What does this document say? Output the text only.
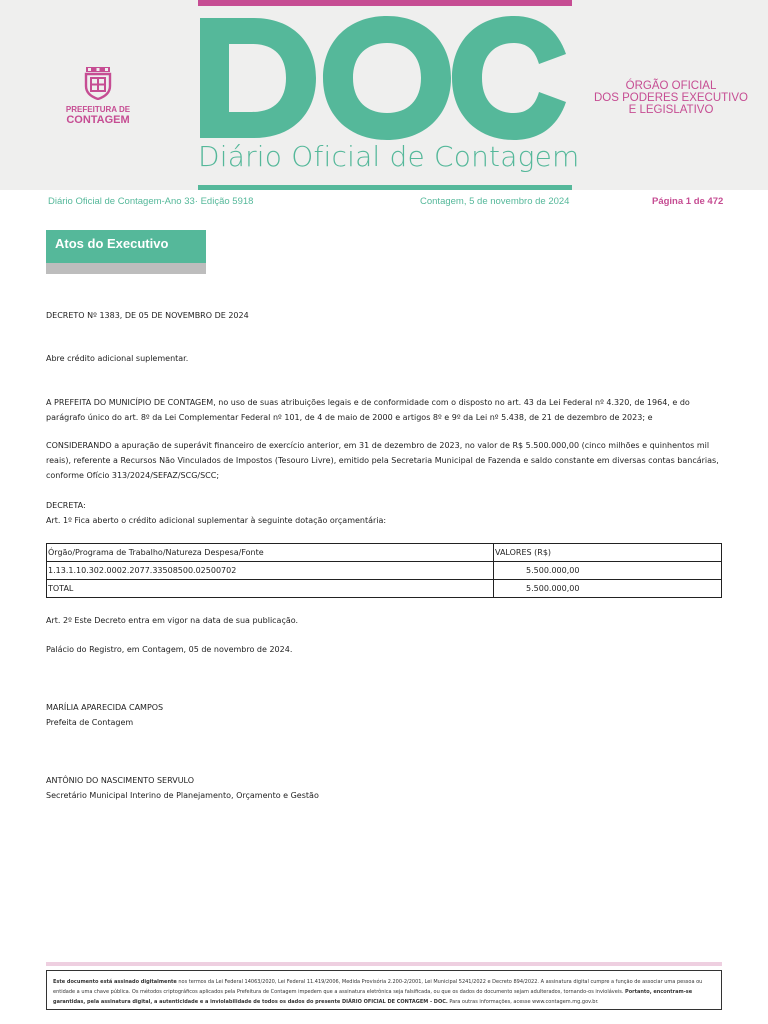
PREFEITURA DE
CONTAGEM
DOC
Diário Oficial de Contagem
ÓRGÃO OFICIAL
DOS PODERES EXECUTIVO
E LEGISLATIVO
Diário Oficial de Contagem-Ano 33· Edição 5918	Contagem, 5 de novembro de 2024	Página 1 de 472
Atos do Executivo
DECRETO Nº 1383, DE 05 DE NOVEMBRO DE 2024
Abre crédito adicional suplementar.
A PREFEITA DO MUNICÍPIO DE CONTAGEM, no uso de suas atribuições legais e de conformidade com o disposto no art. 43 da Lei Federal nº 4.320, de 1964, e do parágrafo único do art. 8º da Lei Complementar Federal nº 101, de 4 de maio de 2000 e artigos 8º e 9º da Lei nº 5.438, de 21 de dezembro de 2023; e
CONSIDERANDO a apuração de superávit financeiro de exercício anterior, em 31 de dezembro de 2023, no valor de R$ 5.500.000,00 (cinco milhões e quinhentos mil reais), referente a Recursos Não Vinculados de Impostos (Tesouro Livre), emitido pela Secretaria Municipal de Fazenda e saldo constante em diversas contas bancárias, conforme Ofício 313/2024/SEFAZ/SCG/SCC;
DECRETA:
Art. 1º Fica aberto o crédito adicional suplementar à seguinte dotação orçamentária:
Órgão/Programa de Trabalho/Natureza Despesa/Fonte	VALORES (R$)
1.13.1.10.302.0002.2077.33508500.02500702	5.500.000,00
TOTAL	5.500.000,00
Art. 2º Este Decreto entra em vigor na data de sua publicação.
Palácio do Registro, em Contagem, 05 de novembro de 2024.
MARÍLIA APARECIDA CAMPOS
Prefeita de Contagem
ANTÔNIO DO NASCIMENTO SERVULO
Secretário Municipal Interino de Planejamento, Orçamento e Gestão
Este documento está assinado digitalmente nos termos da Lei Federal 14063/2020, Lei Federal 11.419/2006, Medida Provisória 2.200-2/2001, Lei Municipal 5241/2022 e Decreto 894/2022. A assinatura digital cumpre a função de associar uma pessoa ou entidade a uma chave pública. Os métodos criptográficos aplicados pela Prefeitura de Contagem impedem que a assinatura eletrônica seja falsificada, ou que os dados do documento sejam adulterados, tornando-os invioláveis. Portanto, encontram-se garantidas, pela assinatura digital, a autenticidade e a inviolabilidade de todos os dados do presente DIÁRIO OFICIAL DE CONTAGEM - DOC. Para outras informações, acesse www.contagem.mg.gov.br.
